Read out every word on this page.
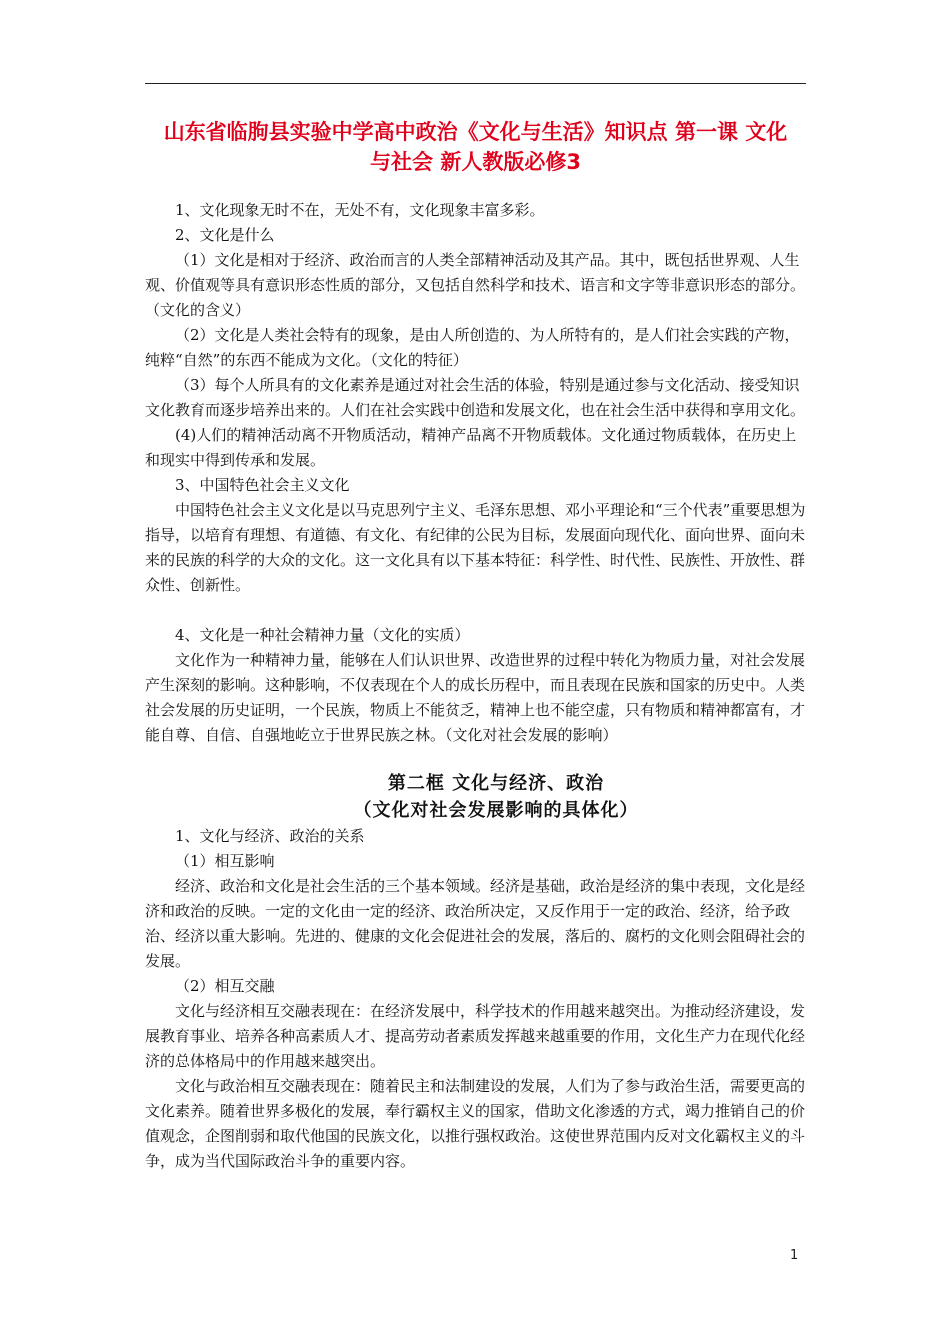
山东省临朐县实验中学高中政治《文化与生活》知识点 第一课 文化
与社会 新人教版必修3

1、文化现象无时不在，无处不有，文化现象丰富多彩。

2、文化是什么

（1）文化是相对于经济、政治而言的人类全部精神活动及其产品。其中，既包括世界观、人生观、价值观等具有意识形态性质的部分，又包括自然科学和技术、语言和文字等非意识形态的部分。（文化的含义）

（2）文化是人类社会特有的现象，是由人所创造的、为人所特有的，是人们社会实践的产物，纯粹“自然”的东西不能成为文化。（文化的特征）

（3）每个人所具有的文化素养是通过对社会生活的体验，特别是通过参与文化活动、接受知识文化教育而逐步培养出来的。人们在社会实践中创造和发展文化，也在社会生活中获得和享用文化。

(4)人们的精神活动离不开物质活动，精神产品离不开物质载体。文化通过物质载体，在历史上和现实中得到传承和发展。

3、中国特色社会主义文化

中国特色社会主义文化是以马克思列宁主义、毛泽东思想、邓小平理论和“三个代表”重要思想为指导，以培育有理想、有道德、有文化、有纪律的公民为目标，发展面向现代化、面向世界、面向未来的民族的科学的大众的文化。这一文化具有以下基本特征：科学性、时代性、民族性、开放性、群众性、创新性。

4、文化是一种社会精神力量（文化的实质）

文化作为一种精神力量，能够在人们认识世界、改造世界的过程中转化为物质力量，对社会发展产生深刻的影响。这种影响，不仅表现在个人的成长历程中，而且表现在民族和国家的历史中。人类社会发展的历史证明，一个民族，物质上不能贫乏，精神上也不能空虚，只有物质和精神都富有，才能自尊、自信、自强地屹立于世界民族之林。（文化对社会发展的影响）

第二框 文化与经济、政治
（文化对社会发展影响的具体化）

1、文化与经济、政治的关系

（1）相互影响

经济、政治和文化是社会生活的三个基本领域。经济是基础，政治是经济的集中表现，文化是经济和政治的反映。一定的文化由一定的经济、政治所决定，又反作用于一定的政治、经济，给予政治、经济以重大影响。先进的、健康的文化会促进社会的发展，落后的、腐朽的文化则会阻碍社会的发展。

（2）相互交融

文化与经济相互交融表现在：在经济发展中，科学技术的作用越来越突出。为推动经济建设，发展教育事业、培养各种高素质人才、提高劳动者素质发挥越来越重要的作用，文化生产力在现代化经济的总体格局中的作用越来越突出。

文化与政治相互交融表现在：随着民主和法制建设的发展，人们为了参与政治生活，需要更高的文化素养。随着世界多极化的发展，奉行霸权主义的国家，借助文化渗透的方式，竭力推销自己的价值观念，企图削弱和取代他国的民族文化，以推行强权政治。这使世界范围内反对文化霸权主义的斗争，成为当代国际政治斗争的重要内容。

1
